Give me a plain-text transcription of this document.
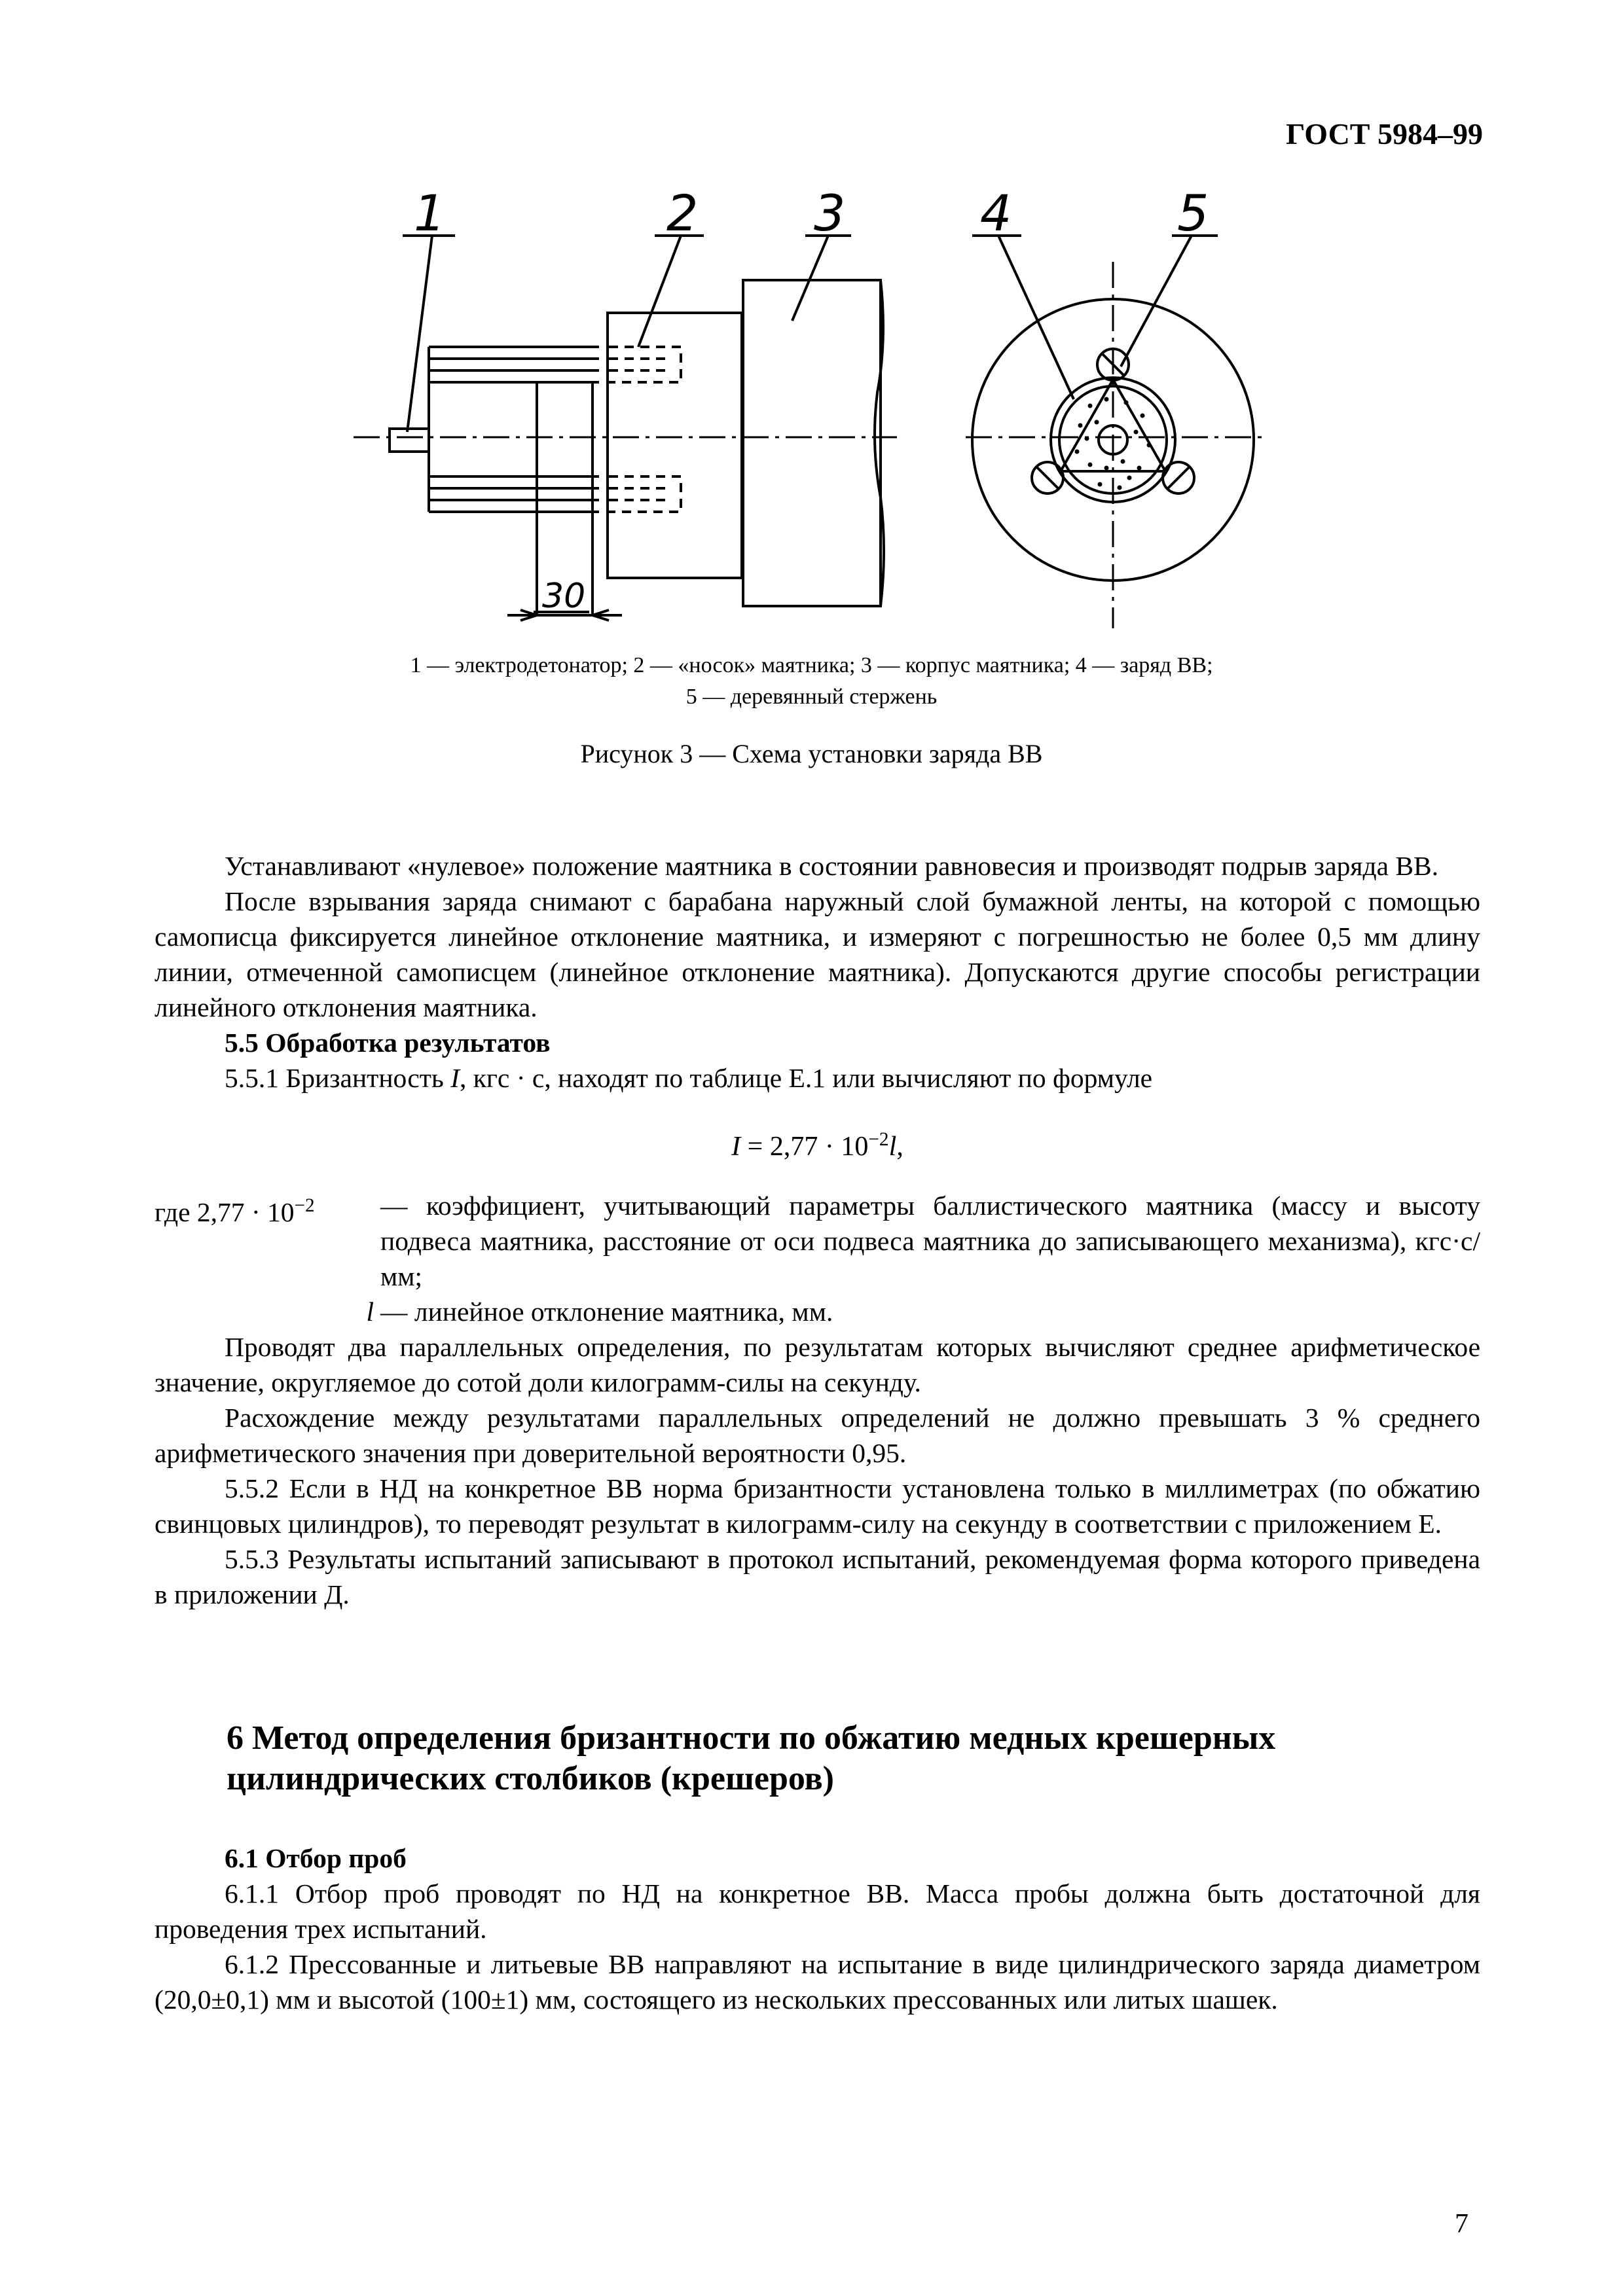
ГОСТ 5984–99
1	2 3	4	5
30
1 — электродетонатор; 2 — «носок» маятника; 3 — корпус маятника; 4 — заряд ВВ;
5 — деревянный стержень
Рисунок 3 — Схема установки заряда ВВ

Устанавливают «нулевое» положение маятника в состоянии равновесия и производят подрыв заряда ВВ.

После взрывания заряда снимают с барабана наружный слой бумажной ленты, на которой с помощью самописца фиксируется линейное отклонение маятника, и измеряют с погрешностью не более 0,5 мм длину линии, отмеченной самописцем (линейное отклонение маятника). Допускаются другие способы регистрации линейного отклонения маятника.

5.5 Обработка результатов

5.5.1 Бризантность I, кгс · с, находят по таблице Е.1 или вычисляют по формуле

$I = 2,77 \cdot 10^{-2}l$,
где $2,77 \cdot 10^{-2}$	— коэффициент, учитывающий параметры баллистического маятника (массу и высоту подвеса маятника, расстояние от оси подвеса маятника до записывающего механизма), кгс·с/мм;
l — линейное отклонение маятника, мм.

Проводят два параллельных определения, по результатам которых вычисляют среднее арифметическое значение, округляемое до сотой доли килограмм-силы на секунду.

Расхождение между результатами параллельных определений не должно превышать 3 % среднего арифметического значения при доверительной вероятности 0,95.

5.5.2 Если в НД на конкретное ВВ норма бризантности установлена только в миллиметрах (по обжатию свинцовых цилиндров), то переводят результат в килограмм-силу на секунду в соответствии с приложением Е.

5.5.3 Результаты испытаний записывают в протокол испытаний, рекомендуемая форма которого приведена в приложении Д.

6 Метод определения бризантности по обжатию медных крешерных
цилиндрических столбиков (крешеров)

6.1 Отбор проб

6.1.1 Отбор проб проводят по НД на конкретное ВВ. Масса пробы должна быть достаточной для проведения трех испытаний.

6.1.2 Прессованные и литьевые ВВ направляют на испытание в виде цилиндрического заряда диаметром (20,0±0,1) мм и высотой (100±1) мм, состоящего из нескольких прессованных или литых шашек.

7
